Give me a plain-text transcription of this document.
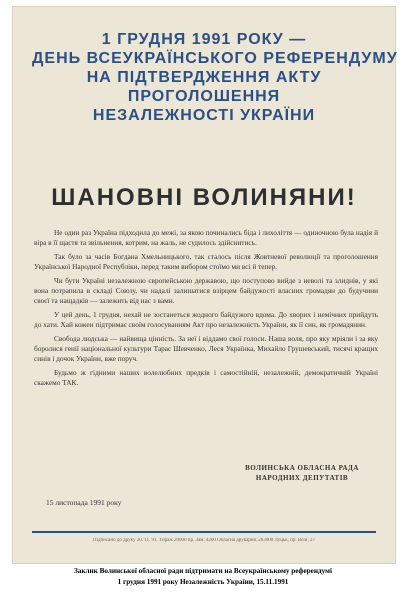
1 ГРУДНЯ 1991 РОКУ —
ДЕНЬ ВСЕУКРАЇНСЬКОГО РЕФЕРЕНДУМУ
НА ПІДТВЕРДЖЕННЯ АКТУ
ПРОГОЛОШЕННЯ
НЕЗАЛЕЖНОСТІ УКРАЇНИ
ШАНОВНІ ВОЛИНЯНИ!

Не один раз Україна підходила до межі, за якою починались біда і лихоліття — одиночною була надія й віра в її щастя та звільнення, котрим, на жаль, не судилось здійснитись.

Так було за часів Богдана Хмельницького, так сталось після Жовтневої революції та проголошення Української Народної Республіки, перед таким вибором стоїмо ми всі й тепер.

Чи бути Україні незалежною європейською державою, що поступово вийде з неволі та злиднів, у які вона потрапила в складі Союзу, чи надалі залишатися взірцем байдужості власних громадян до будучини своєї та нащадків — залежить від нас з вами.

У цей день, 1 грудня, нехай не зостанеться жодного байдужого вдома. До хворих і немічних прийдуть до хати. Хай кожен підтримає своїм голосуванням Акт про незалежність України, як її син, як громадянин.

Свобода людська — найвища цінність. За неї і віддамо свої голоси. Наша воля, про яку мріяли і за яку боролися генії національної культури Тарас Шевченко, Леся Українка, Михайло Грушевський, тисячі кращих синів і дочок України, вже поруч.

Будьмо ж гідними наших волелюбних предків і самостійній, незалежній, демократичній Україні скажемо ТАК.

ВОЛИНСЬКА ОБЛАСНА РАДА
НАРОДНИХ ДЕПУТАТІВ
15 листопада 1991 року
Підписано до друку 20. 11. 91. Тираж 20000 пр. Зам. 4200 Обласна друкарня, 263000 Луцьк, пр. Волі, 27
Заклик Волинської обласної ради підтримати на Всеукраїнському референдумі
1 грудня 1991 року Незалежність України, 15.11.1991
